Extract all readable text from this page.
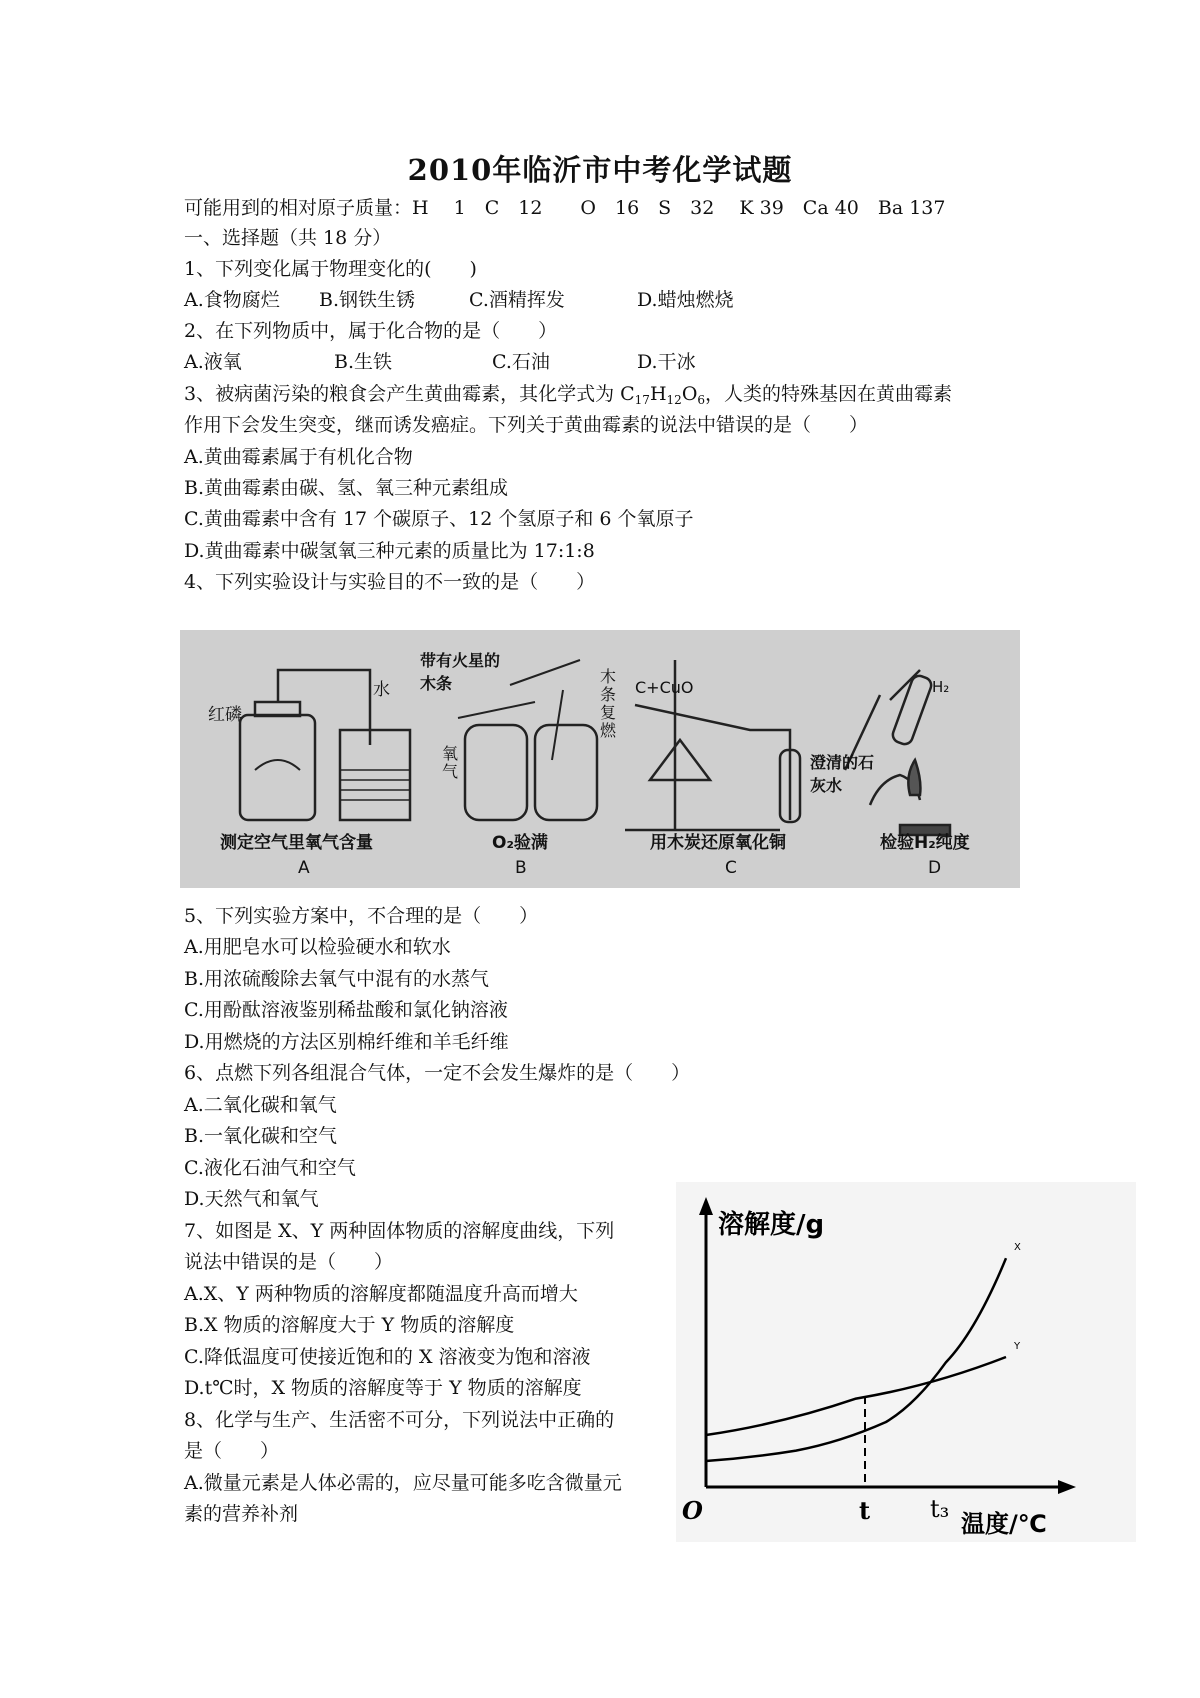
2010年临沂市中考化学试题
可能用到的相对原子质量：H　 1　C　12　　O　16　S　32　 K 39　Ca 40　Ba 137
一、选择题（共 18 分）
1、下列变化属于物理变化的(　　)
A.食物腐烂 B.钢铁生锈	C.酒精挥发	D.蜡烛燃烧
2、在下列物质中，属于化合物的是（　　）
A.液氧	B.生铁	C.石油	D.干冰
3、被病菌污染的粮食会产生黄曲霉素，其化学式为 $C_{17}H_{12}O_6$，人类的特殊基因在黄曲霉素
作用下会发生突变，继而诱发癌症。下列关于黄曲霉素的说法中错误的是（　　）
A.黄曲霉素属于有机化合物
B.黄曲霉素由碳、氢、氧三种元素组成
C.黄曲霉素中含有 17 个碳原子、12 个氢原子和 6 个氧原子
D.黄曲霉素中碳氢氧三种元素的质量比为 17:1:8
4、下列实验设计与实验目的不一致的是（　　）
红磷
水
测定空气里氧气含量
A
带有火星的木条
氧气
木条复燃
O₂验满
B
C+CuO
澄清的石灰水
用木炭还原氧化铜
C
H₂
检验H₂纯度
D
5、下列实验方案中，不合理的是（　　）
A.用肥皂水可以检验硬水和软水
B.用浓硫酸除去氧气中混有的水蒸气
C.用酚酞溶液鉴别稀盐酸和氯化钠溶液
D.用燃烧的方法区别棉纤维和羊毛纤维
6、点燃下列各组混合气体，一定不会发生爆炸的是（　　）
A.二氧化碳和氧气
B.一氧化碳和空气
C.液化石油气和空气
D.天然气和氧气
7、如图是 X、Y 两种固体物质的溶解度曲线，下列
说法中错误的是（　　）
A.X、Y 两种物质的溶解度都随温度升高而增大
B.X 物质的溶解度大于 Y 物质的溶解度
C.降低温度可使接近饱和的 X 溶液变为饱和溶液
D.t℃时，X 物质的溶解度等于 Y 物质的溶解度
8、化学与生产、生活密不可分，下列说法中正确的
是（　　）
A.微量元素是人体必需的，应尽量可能多吃含微量元
素的营养补剂
X
Y
溶解度/g
温度/℃
O	t t₃
